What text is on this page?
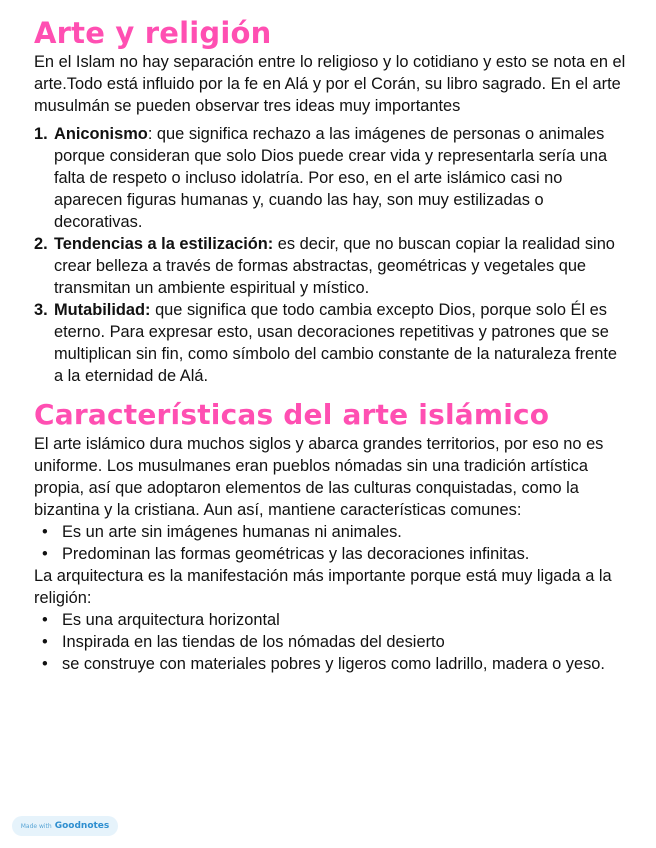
Arte y religión

En el Islam no hay separación entre lo religioso y lo cotidiano y esto se nota en el arte.Todo está influido por la fe en Alá y por el Corán, su libro sagrado. En el arte musulmán se pueden observar tres ideas muy importantes

1. Aniconismo: que significa rechazo a las imágenes de personas o animales porque consideran que solo Dios puede crear vida y representarla sería una falta de respeto o incluso idolatría. Por eso, en el arte islámico casi no aparecen figuras humanas y, cuando las hay, son muy estilizadas o decorativas.
2. Tendencias a la estilización: es decir, que no buscan copiar la realidad sino crear belleza a través de formas abstractas, geométricas y vegetales que transmitan un ambiente espiritual y místico.
3. Mutabilidad: que significa que todo cambia excepto Dios, porque solo Él es eterno. Para expresar esto, usan decoraciones repetitivas y patrones que se multiplican sin fin, como símbolo del cambio constante de la naturaleza frente a la eternidad de Alá.
Características del arte islámico

El arte islámico dura muchos siglos y abarca grandes territorios, por eso no es uniforme. Los musulmanes eran pueblos nómadas sin una tradición artística propia, así que adoptaron elementos de las culturas conquistadas, como la bizantina y la cristiana. Aun así, mantiene características comunes:

• Es un arte sin imágenes humanas ni animales.
• Predominan las formas geométricas y las decoraciones infinitas.

La arquitectura es la manifestación más importante porque está muy ligada a la religión:

• Es una arquitectura horizontal
• Inspirada en las tiendas de los nómadas del desierto
• se construye con materiales pobres y ligeros como ladrillo, madera o yeso.
Made with Goodnotes
